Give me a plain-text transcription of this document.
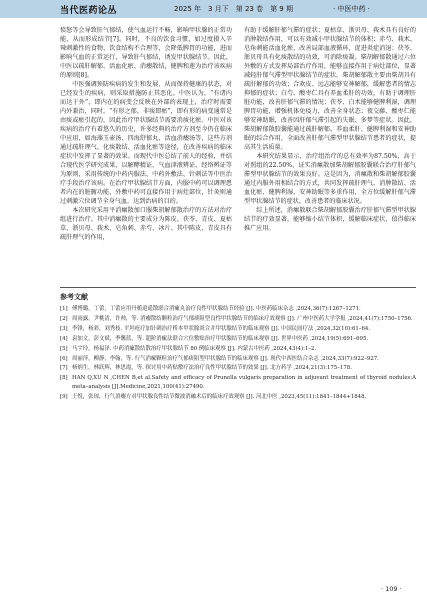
当代医药论丛	2025 年　3 月下　第 23 卷　第 9 期	· 中医中药 ·

愤怒等会导致肝气郁结，使气血运行不畅，影响甲状腺的正常功能，从而形成结节[7]。同时，不良的饮食习惯，如过度摄入辛辣刺激性的食物、饮食结构不合理等，会降低脾胃的功能，进而影响气血的正常运行，导致肝气郁结，诱发甲状腺结节。因此，中医以疏肝解郁、活血化瘀、消瘿散结，健脾和莲为治疗该疾病的原则[8]。

中医强调预防疾病的发生和发展，从而保持健康的状态，对已经发生的疾病，则采取措施防止其恶化。中医认为，“有诸内而达于外”，即内在的病变会反映在外部的表现上，治疗时需要内外兼治，同时，“有形之郁，非痰即瘀”，即有形的病变通常是由痰或瘀引起的，因此治疗甲状腺结节需要消痰化瘀。中医对该疾病的治疗有着悠久的历史，许多经典的治疗方剂至今仍在临床中应用，如海藻玉壶汤、四海舒郁丸、活血消瘿汤等，这些方剂通过疏肝理气、化痰散结、活血化瘀等途径，在改善疾病的临床症状中发挥了显著的效果。而现代中医总结了前人的经验，并结合现代医学研究成果，以解酵精证、气血津液辨证、经络辨证等为原则，采用传统的中药内服法、中药外敷法、针刺法等中医治疗手段治疗该病。在治疗甲状腺结节方面，内服中药可以调理患者内在的脏腑功能，外敷中药可直接作用于病灶部位，针灸则通过刺激穴位调节全身气血，达到治病的目的。

本次研究采用平消瘰散加口服柴胡解郁散治疗的方法对治疗组进行治疗。其中消瘰散的主要成分为陈皮、茯苓、青皮、夏枯草、浙贝母、莪术、皂角刺、赤芍、冰片。其中陈皮、青皮具有疏肝理气的作用，

有助于缓解肝郁气滞的症状；夏枯草、浙贝母、莪术具有良好的消肿散结作用，可以有效减小甲状腺结节的体积；赤芍、莪术、皂角刺能活血化瘀，改善局部血液循环，促进炎症消退；茯苓、浙贝母具有化痰散结的功效，可消除痰凝。柴胡解郁散通过六位外敷的方式发挥局部治疗作用，能够直接作用于病灶部位，显著减轻肝郁气滞型甲状腺结节的症状。柴胡解郁散主要由柴胡具有疏肝解郁的功效；合欢皮、远志能够安神解郁，缓解患者的情志抑郁的症状；白芍、酸枣仁具有养血柔肝的功效，有助于调理肝脏功能，改善肝郁气滞的情况；茯苓、白术能够健脾利湿，调理脾胃功能，增强机体免疫力，改善全身状态；夜交藤、酸枣仁能够安神助眠，改善因肝郁气滞引起的失眠、多梦等症状。因此，柴胡解郁散胶囊能通过疏肝解郁、养血柔肝、健脾利湿和安神助眠的综合作用，全面改善肝郁气滞型甲状腺结节患者的症状，提高其生活质量。

本研究结果显示，治疗组治疗的总有效率为87.50%，高于对照组的22.50%，证实消瘰散加柴胡解郁胶囊联合治疗肝郁气滞型甲状腺结节的效果良好。这是因为，消瘰散和柴胡解郁胶囊通过内服外用相结合的方式，共同发挥疏肝理气、消肿散结、活血化瘀、健脾利湿、安神助眠等多重作用，全方位缓解肝郁气滞型甲状腺结节的症状，改善患者的临床状况。

综上所述，消瘰散联合柴胡解郁胶囊治疗肝郁气滞型甲状腺结节的疗效显著，能够缩小结节体积，缓解临床症状，值得临床推广应用。

参考文献
[1] 傅博璐，丁蕾，丁蕾应用丹栀逍遥散联合消瘰丸治疗良性甲状腺结节经验 [J]. 中医药临床杂志 ,2024,36(7):1267–1271.
[2] 周雨露，尹桃清，许帅，等. 消瘿散结颗粒治疗气郁痰阻型良性甲状腺结节的临床疗效观察 [J]. 广州中医药大学学报 ,2024,41(7):1750–1756.
[3] 李锋，杨彩，刘秀枝. 平坦疮疗加针刺治疗桥本甲状腺炎合并甲状腺结节的临床观察 [J]. 中国民间疗法 ,2024,32(10):61–64.
[4] 袁加文，彭文斌，季馨蓝，等. 超阶消瘰法联合穴位敷贴治疗甲状腺结节的临床观察 [J]. 世界中医药 ,2024,19(5):691–695.
[5] 马宇玲，杨福泽. 中药消瘰散结散治疗甲状腺结节 80 例临床观察 [J]. 内蒙古中医药 ,2024,43(4):1–2.
[6] 周丽萍，柳静，李翰，等. 行气消瘰颗粒治疗气郁痰阻型甲状腺结节的临床观察 [J]. 现代中西医结合杂志 ,2024,33(7):922–927.
[7] 杨炳生，林跃辉，林思霞，等. 探讨用中药贴敷疗法治疗良性甲状腺结节的效果 [J]. 北方药学 ,2024,21(3):175–178.
[8] HAN Q,XU N ,CHEN B,et al.Safety and efficacy of Prunella vulgaris preparation in adjuvant treatment of thyroid nodules:A meta–analysis [J].Medicine,2021,100(41):27490.
[9] 王悦，张琼，行气消瘿方对甲状腺良性结节微波消融术后的临床疗效观察 [J]. 河北中医 ,2023,45(11):1841–1844+1848.
· 109 ·
